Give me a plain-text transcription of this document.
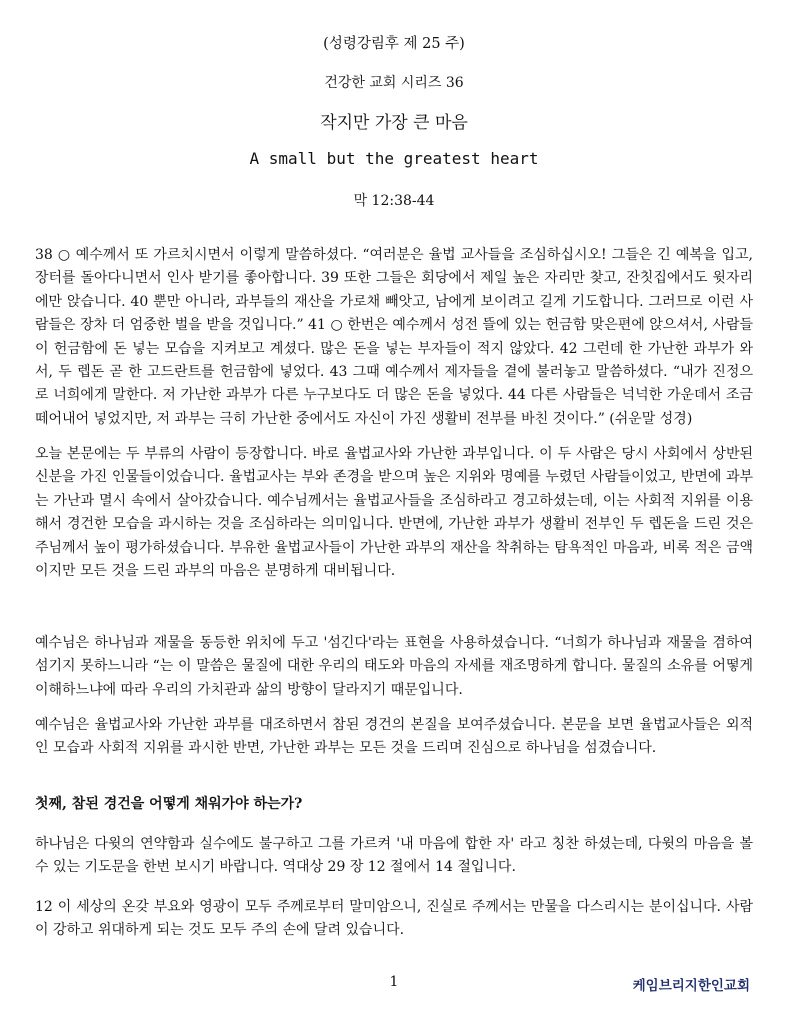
(성령강림후 제 25 주)
건강한 교회 시리즈 36
작지만 가장 큰 마음
A small but the greatest heart
막 12:38-44

38 ○ 예수께서 또 가르치시면서 이렇게 말씀하셨다. “여러분은 율법 교사들을 조심하십시오! 그들은 긴 예복을 입고, 장터를 돌아다니면서 인사 받기를 좋아합니다. 39 또한 그들은 회당에서 제일 높은 자리만 찾고, 잔칫집에서도 윗자리에만 앉습니다. 40 뿐만 아니라, 과부들의 재산을 가로채 빼앗고, 남에게 보이려고 길게 기도합니다. 그러므로 이런 사람들은 장차 더 엄중한 벌을 받을 것입니다.” 41 ○ 한번은 예수께서 성전 뜰에 있는 헌금함 맞은편에 앉으셔서, 사람들이 헌금함에 돈 넣는 모습을 지켜보고 계셨다. 많은 돈을 넣는 부자들이 적지 않았다. 42 그런데 한 가난한 과부가 와서, 두 렙돈 곧 한 고드란트를 헌금함에 넣었다. 43 그때 예수께서 제자들을 곁에 불러놓고 말씀하셨다. “내가 진정으로 너희에게 말한다. 저 가난한 과부가 다른 누구보다도 더 많은 돈을 넣었다. 44 다른 사람들은 넉넉한 가운데서 조금 떼어내어 넣었지만, 저 과부는 극히 가난한 중에서도 자신이 가진 생활비 전부를 바친 것이다.” (쉬운말 성경)

오늘 본문에는 두 부류의 사람이 등장합니다. 바로 율법교사와 가난한 과부입니다. 이 두 사람은 당시 사회에서 상반된 신분을 가진 인물들이었습니다. 율법교사는 부와 존경을 받으며 높은 지위와 명예를 누렸던 사람들이었고, 반면에 과부는 가난과 멸시 속에서 살아갔습니다. 예수님께서는 율법교사들을 조심하라고 경고하셨는데, 이는 사회적 지위를 이용해서 경건한 모습을 과시하는 것을 조심하라는 의미입니다. 반면에, 가난한 과부가 생활비 전부인 두 렙돈을 드린 것은 주님께서 높이 평가하셨습니다. 부유한 율법교사들이 가난한 과부의 재산을 착취하는 탐욕적인 마음과, 비록 적은 금액이지만 모든 것을 드린 과부의 마음은 분명하게 대비됩니다.

예수님은 하나님과 재물을 동등한 위치에 두고 '섬긴다'라는 표현을 사용하셨습니다. “너희가 하나님과 재물을 겸하여 섬기지 못하느니라 “는 이 말씀은 물질에 대한 우리의 태도와 마음의 자세를 재조명하게 합니다. 물질의 소유를 어떻게 이해하느냐에 따라 우리의 가치관과 삶의 방향이 달라지기 때문입니다.

예수님은 율법교사와 가난한 과부를 대조하면서 참된 경건의 본질을 보여주셨습니다. 본문을 보면 율법교사들은 외적인 모습과 사회적 지위를 과시한 반면, 가난한 과부는 모든 것을 드리며 진심으로 하나님을 섬겼습니다.

첫째, 참된 경건을 어떻게 채워가야 하는가?

하나님은 다윗의 연약함과 실수에도 불구하고 그를 가르켜 '내 마음에 합한 자' 라고 칭찬 하셨는데, 다윗의 마음을 볼수 있는 기도문을 한번 보시기 바랍니다. 역대상 29 장 12 절에서 14 절입니다.

12 이 세상의 온갖 부요와 영광이 모두 주께로부터 말미암으니, 진실로 주께서는 만물을 다스리시는 분이십니다. 사람이 강하고 위대하게 되는 것도 모두 주의 손에 달려 있습니다.

1	케임브리지한인교회
